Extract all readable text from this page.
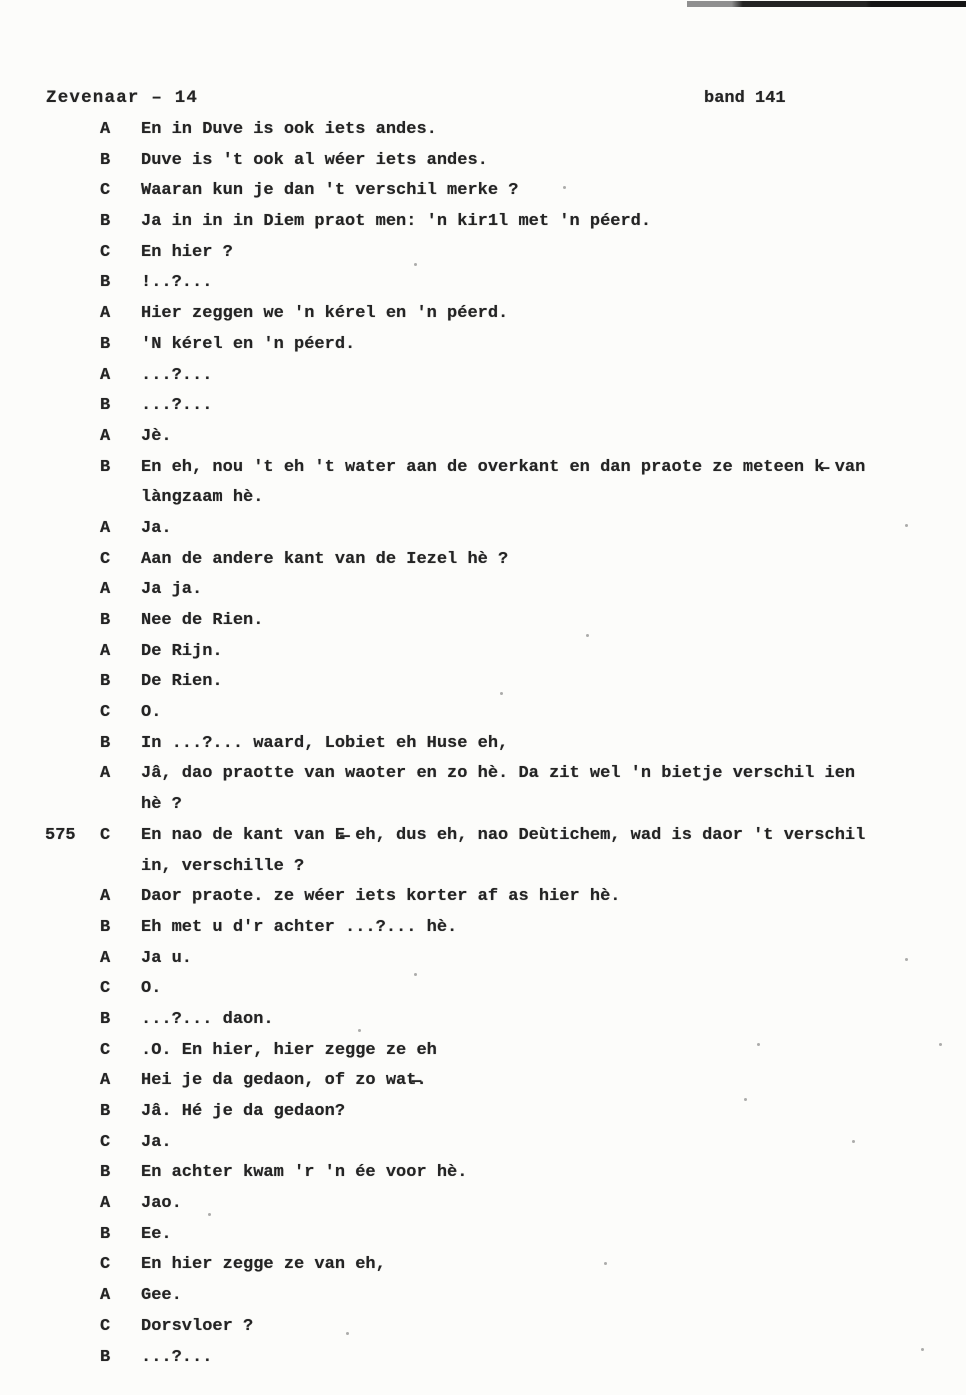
Zevenaar – 14	band 141
A En in Duve is ook iets andes.
B Duve is 't ook al wéer iets andes.
C Waaran kun je dan 't verschil merke ?
B Ja in in in Diem praot men: 'n kir1l met 'n péerd.
C En hier ?
B !..?...
A Hier zeggen we 'n kérel en 'n péerd.
B 'N kérel en 'n péerd.
A ...?...
B ...?...
A Jè.
B En eh, nou 't eh 't water aan de overkant en dan praote ze meteen k̶ van
làngzaam hè.
A Ja.
C Aan de andere kant van de Iezel hè ?
A Ja ja.
B Nee de Rien.
A De Rijn.
B De Rien.
C O.
B In ...?... waard, Lobiet eh Huse eh,
A Jâ, dao praotte van waoter en zo hè. Da zit wel 'n bietje verschil ien
hè ?
575 C En nao de kant van E̶ eh, dus eh, nao Deùtichem, wad is daor 't verschil
in, verschille ?
A Daor praote. ze wéer iets korter af as hier hè.
B Eh met u d'r achter ...?... hè.
A Ja u.
C O.
B ...?... daon.
C .O. En hier, hier zegge ze eh
A Hei je da gedaon, of zo wat̶.
B Jâ. Hé je da gedaon?
C Ja.
B En achter kwam 'r 'n ée voor hè.
A Jao.
B Ee.
C En hier zegge ze van eh,
A Gee.
C Dorsvloer ?
B ...?...
